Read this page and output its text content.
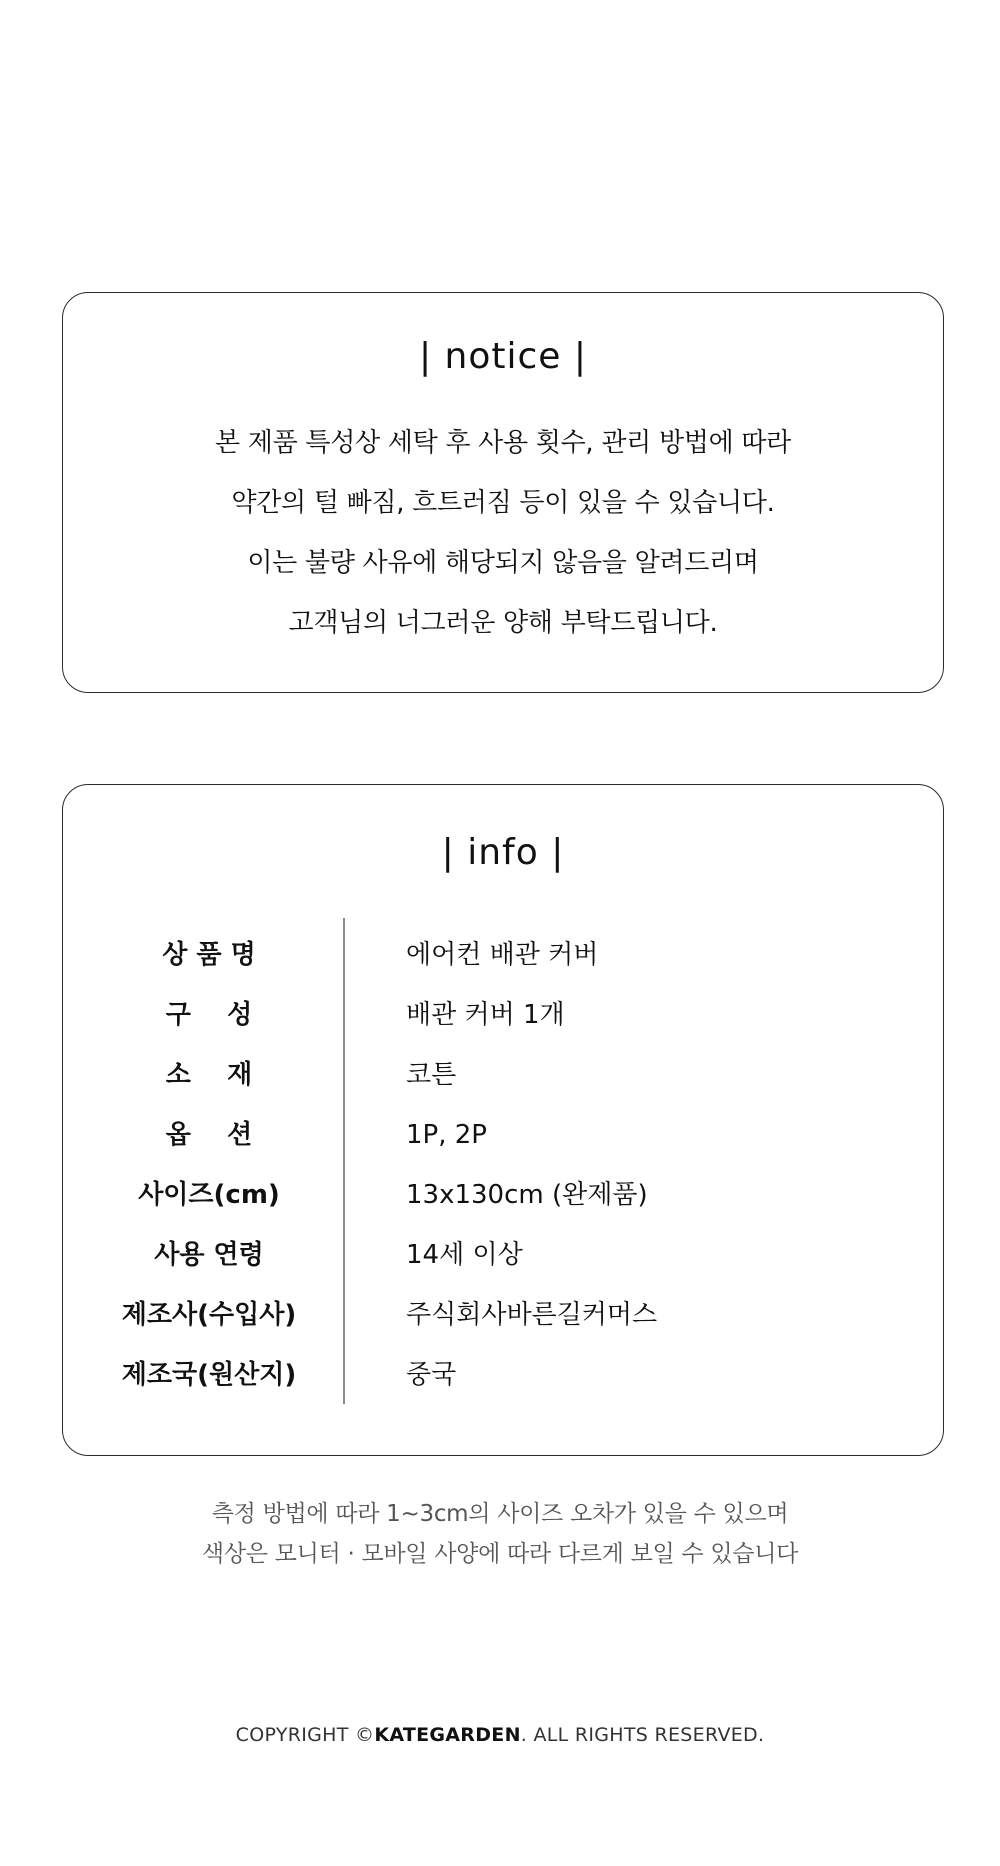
| notice |
본 제품 특성상 세탁 후 사용 횟수, 관리 방법에 따라
약간의 털 빠짐, 흐트러짐 등이 있을 수 있습니다.
이는 불량 사유에 해당되지 않음을 알려드리며
고객님의 너그러운 양해 부탁드립니다.
| info |
상 품 명	에어컨 배관 커버
구    성	배관 커버 1개
소    재	코튼
옵    션	1P, 2P
사이즈(cm)	13x130cm (완제품)
사용 연령	14세 이상
제조사(수입사)	주식회사바른길커머스
제조국(원산지)	중국
측정 방법에 따라 1~3cm의 사이즈 오차가 있을 수 있으며
색상은 모니터 · 모바일 사양에 따라 다르게 보일 수 있습니다
COPYRIGHT ©KATEGARDEN. ALL RIGHTS RESERVED.
